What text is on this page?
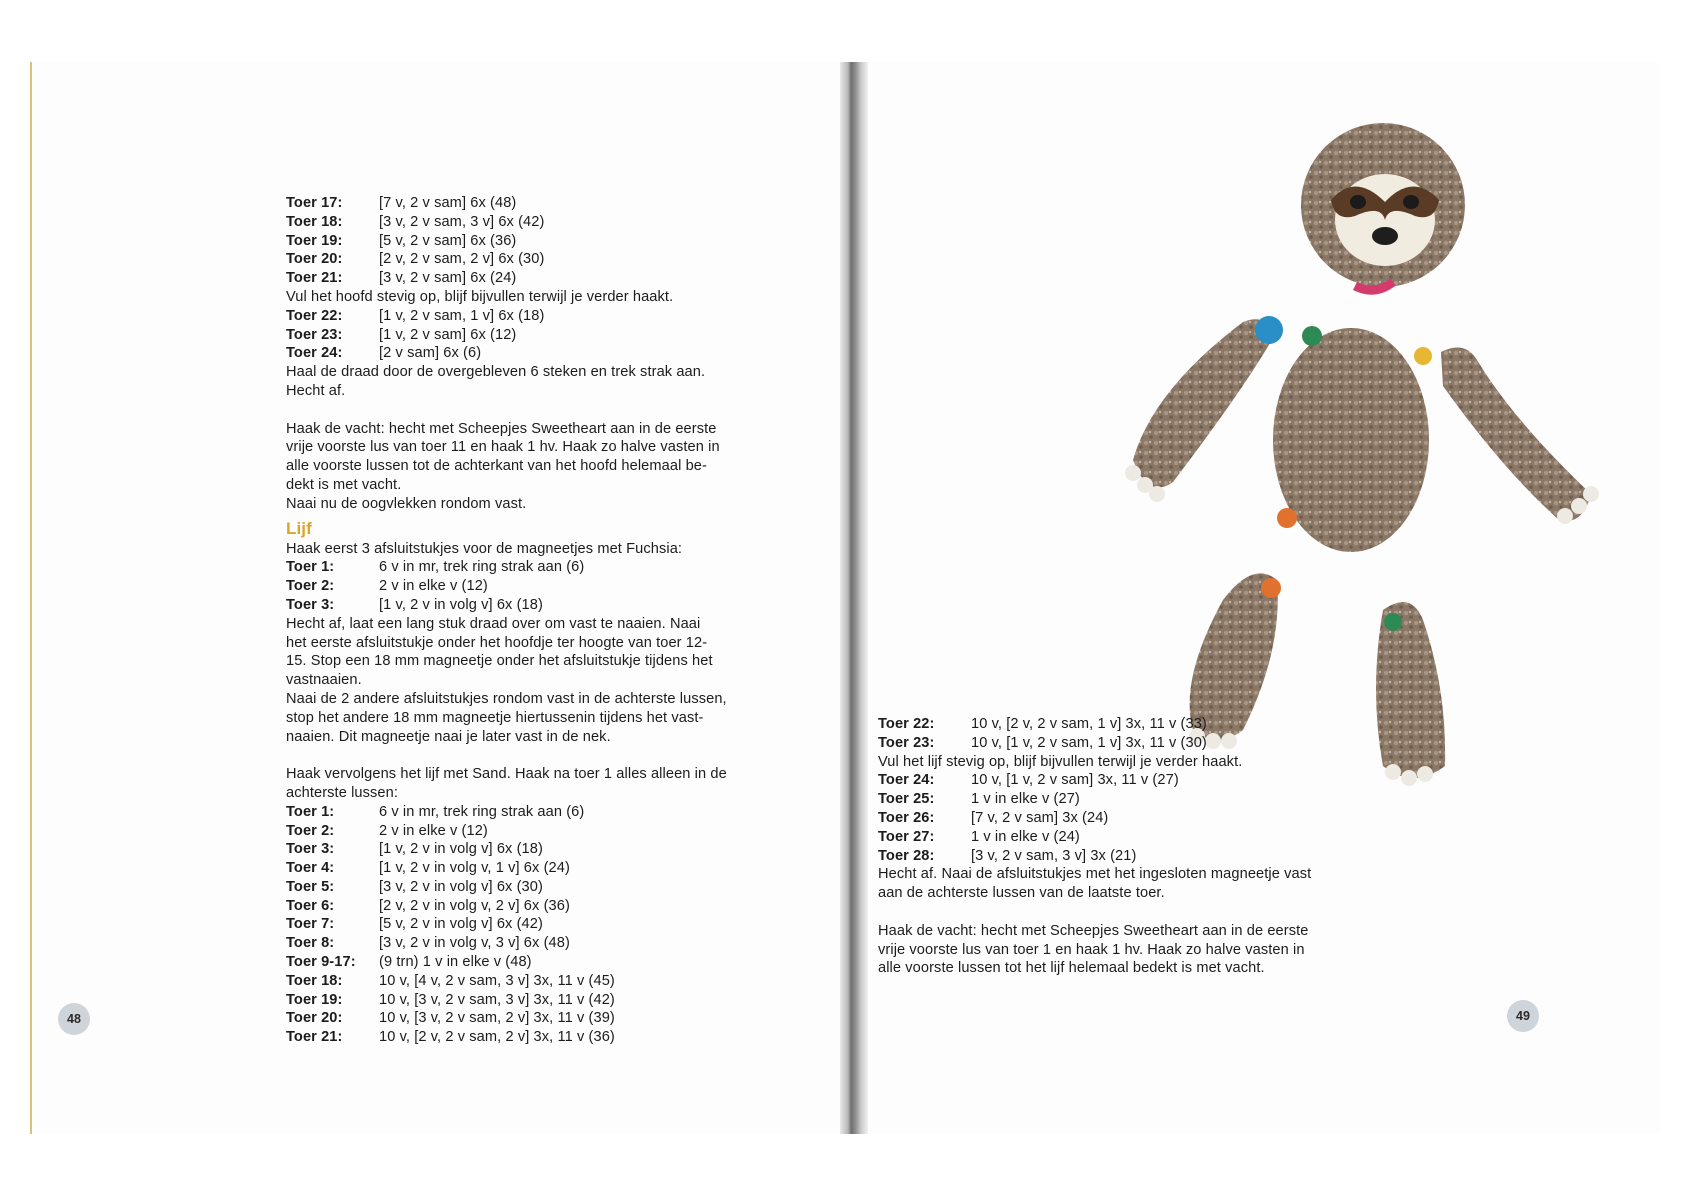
Toer 17:	[7 v, 2 v sam] 6x (48)
Toer 18:	[3 v, 2 v sam, 3 v] 6x (42)
Toer 19:	[5 v, 2 v sam] 6x (36)
Toer 20:	[2 v, 2 v sam, 2 v] 6x (30)
Toer 21:	[3 v, 2 v sam] 6x (24)

Vul het hoofd stevig op, blijf bijvullen terwijl je verder haakt.

Toer 22:	[1 v, 2 v sam, 1 v] 6x (18)
Toer 23:	[1 v, 2 v sam] 6x (12)
Toer 24:	[2 v sam] 6x (6)
Haal de draad door de overgebleven 6 steken en trek strak aan.
Hecht af.
Haak de vacht: hecht met Scheepjes Sweetheart aan in de eerste
vrije voorste lus van toer 11 en haak 1 hv. Haak zo halve vasten in
alle voorste lussen tot de achterkant van het hoofd helemaal be-
dekt is met vacht.
Naai nu de oogvlekken rondom vast.
Lijf

Haak eerst 3 afsluitstukjes voor de magneetjes met Fuchsia:

Toer 1:	6 v in mr, trek ring strak aan (6)
Toer 2:	2 v in elke v (12)
Toer 3:	[1 v, 2 v in volg v] 6x (18)
Hecht af, laat een lang stuk draad over om vast te naaien. Naai
het eerste afsluitstukje onder het hoofdje ter hoogte van toer 12-
15. Stop een 18 mm magneetje onder het afsluitstukje tijdens het
vastnaaien.
Naai de 2 andere afsluitstukjes rondom vast in de achterste lussen,
stop het andere 18 mm magneetje hiertussenin tijdens het vast-
naaien. Dit magneetje naai je later vast in de nek.
Haak vervolgens het lijf met Sand. Haak na toer 1 alles alleen in de
achterste lussen:
Toer 1:	6 v in mr, trek ring strak aan (6)
Toer 2:	2 v in elke v (12)
Toer 3:	[1 v, 2 v in volg v] 6x (18)
Toer 4:	[1 v, 2 v in volg v, 1 v] 6x (24)
Toer 5:	[3 v, 2 v in volg v] 6x (30)
Toer 6:	[2 v, 2 v in volg v, 2 v] 6x (36)
Toer 7:	[5 v, 2 v in volg v] 6x (42)
Toer 8:	[3 v, 2 v in volg v, 3 v] 6x (48)
Toer 9-17:	(9 trn) 1 v in elke v (48)
Toer 18:	10 v, [4 v, 2 v sam, 3 v] 3x, 11 v (45)
Toer 19:	10 v, [3 v, 2 v sam, 3 v] 3x, 11 v (42)
Toer 20:	10 v, [3 v, 2 v sam, 2 v] 3x, 11 v (39)
Toer 21:	10 v, [2 v, 2 v sam, 2 v] 3x, 11 v (36)
48
Toer 22:	10 v, [2 v, 2 v sam, 1 v] 3x, 11 v (33)
Toer 23:	10 v, [1 v, 2 v sam, 1 v] 3x, 11 v (30)

Vul het lijf stevig op, blijf bijvullen terwijl je verder haakt.

Toer 24:	10 v, [1 v, 2 v sam] 3x, 11 v (27)
Toer 25:	1 v in elke v (27)
Toer 26:	[7 v, 2 v sam] 3x (24)
Toer 27:	1 v in elke v (24)
Toer 28:	[3 v, 2 v sam, 3 v] 3x (21)
Hecht af. Naai de afsluitstukjes met het ingesloten magneetje vast
aan de achterste lussen van de laatste toer.
Haak de vacht: hecht met Scheepjes Sweetheart aan in de eerste
vrije voorste lus van toer 1 en haak 1 hv. Haak zo halve vasten in
alle voorste lussen tot het lijf helemaal bedekt is met vacht.
49
